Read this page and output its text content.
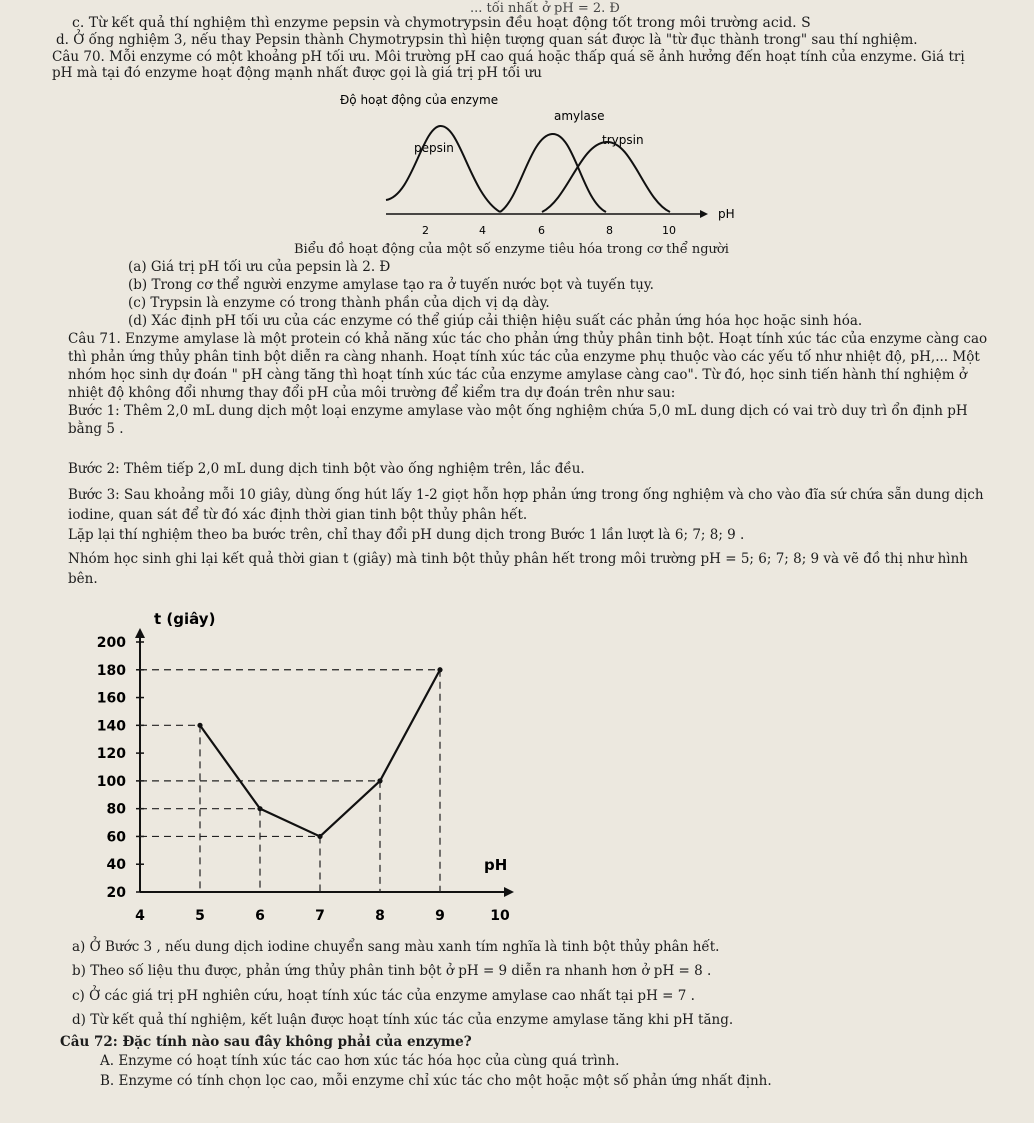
... tối nhất ở pH = 2. Đ
c. Từ kết quả thí nghiệm thì enzyme pepsin và chymotrypsin đều hoạt động tốt trong môi trường acid. S
d. Ở ống nghiệm 3, nếu thay Pepsin thành Chymotrypsin thì hiện tượng quan sát được là "từ đục thành trong" sau thí nghiệm.
Câu 70. Mỗi enzyme có một khoảng pH tối ưu. Môi trường pH cao quá hoặc thấp quá sẽ ảnh hưởng đến hoạt tính của enzyme. Giá trị
pH mà tại đó enzyme hoạt động mạnh nhất được gọi là giá trị pH tối ưu
Độ hoạt động của enzyme
amylase
pepsin
trypsin
pH
2	4	6	8	10
Biểu đồ hoạt động của một số enzyme tiêu hóa trong cơ thể người
(a) Giá trị pH tối ưu của pepsin là 2. Đ
(b) Trong cơ thể người enzyme amylase tạo ra ở tuyến nước bọt và tuyến tụy.
(c) Trypsin là enzyme có trong thành phần của dịch vị dạ dày.
(d) Xác định pH tối ưu của các enzyme có thể giúp cải thiện hiệu suất các phản ứng hóa học hoặc sinh hóa.
Câu 71. Enzyme amylase là một protein có khả năng xúc tác cho phản ứng thủy phân tinh bột. Hoạt tính xúc tác của enzyme càng cao
thì phản ứng thủy phân tinh bột diễn ra càng nhanh. Hoạt tính xúc tác của enzyme phụ thuộc vào các yếu tố như nhiệt độ, pH,... Một
nhóm học sinh dự đoán " pH càng tăng thì hoạt tính xúc tác của enzyme amylase càng cao". Từ đó, học sinh tiến hành thí nghiệm ở
nhiệt độ không đổi nhưng thay đổi pH của môi trường để kiểm tra dự đoán trên như sau:
Bước 1: Thêm 2,0 mL dung dịch một loại enzyme amylase vào một ống nghiệm chứa 5,0 mL dung dịch có vai trò duy trì ổn định pH
bằng 5 .
Bước 2: Thêm tiếp 2,0 mL dung dịch tinh bột vào ống nghiệm trên, lắc đều.
Bước 3: Sau khoảng mỗi 10 giây, dùng ống hút lấy 1-2 giọt hỗn hợp phản ứng trong ống nghiệm và cho vào đĩa sứ chứa sẵn dung dịch
iodine, quan sát để từ đó xác định thời gian tinh bột thủy phân hết.
Lặp lại thí nghiệm theo ba bước trên, chỉ thay đổi pH dung dịch trong Bước 1 lần lượt là 6; 7; 8; 9 .
Nhóm học sinh ghi lại kết quả thời gian t (giây) mà tinh bột thủy phân hết trong môi trường pH = 5; 6; 7; 8; 9 và vẽ đồ thị như hình
bên.
t (giây)
pH
20
40
60
80
100
120
140
160
180
200
4	5	6	7	8	9	10
a) Ở Bước 3 , nếu dung dịch iodine chuyển sang màu xanh tím nghĩa là tinh bột thủy phân hết.
b) Theo số liệu thu được, phản ứng thủy phân tinh bột ở pH = 9 diễn ra nhanh hơn ở pH = 8 .
c) Ở các giá trị pH nghiên cứu, hoạt tính xúc tác của enzyme amylase cao nhất tại pH = 7 .
d) Từ kết quả thí nghiệm, kết luận được hoạt tính xúc tác của enzyme amylase tăng khi pH tăng.
Câu 72: Đặc tính nào sau đây không phải của enzyme?
A. Enzyme có hoạt tính xúc tác cao hơn xúc tác hóa học của cùng quá trình.
B. Enzyme có tính chọn lọc cao, mỗi enzyme chỉ xúc tác cho một hoặc một số phản ứng nhất định.
